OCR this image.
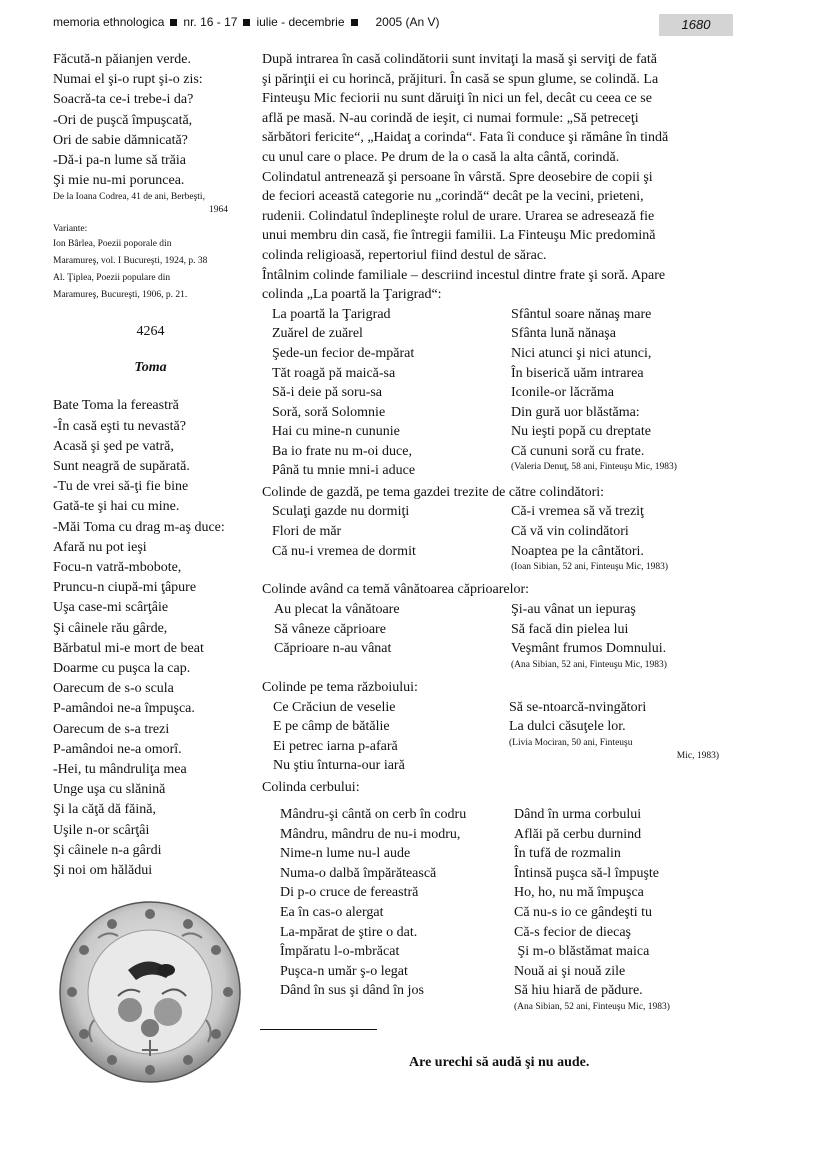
memoria ethnologica nr. 16 - 17 iulie - decembrie	2005 (An V)	1680
Făcută-n păianjen verde.
Numai el şi-o rupt şi-o zis:
Soacră-ta ce-i trebe-i da?
-Ori de puşcă împuşcată,
Ori de sabie dămnicată?
-Dă-i pa-n lume să trăia
Şi mie nu-mi poruncea.
De la Ioana Codrea, 41 de ani, Berbeşti,
1964
Variante:
Ion Bârlea, Poezii poporale din
Maramureş, vol. I Bucureşti, 1924, p. 38
Al. Ţiplea, Poezii populare din
Maramureş, Bucureşti, 1906, p. 21.
4264
Toma
Bate Toma la fereastră
-În casă eşti tu nevastă?
Acasă şi şed pe vatră,
Sunt neagră de supărată.
-Tu de vrei să-ţi fie bine
Gată-te şi hai cu mine.
-Măi Toma cu drag m-aş duce:
Afară nu pot ieşi
Focu-n vatră-mbobote,
Pruncu-n ciupă-mi ţâpure
Uşa case-mi scârţâie
Şi câinele rău gârde,
Bărbatul mi-e mort de beat
Doarme cu puşca la cap.
Oarecum de s-o scula
P-amândoi ne-a împuşca.
Oarecum de s-a trezi
P-amândoi ne-a omorî.
-Hei, tu mândruliţa mea
Unge uşa cu slănină
Şi la căţă dă făină,
Uşile n-or scârţâi
Şi câinele n-a gârdi
Şi noi om hălădui
După intrarea în casă colindătorii sunt invitaţi la masă şi serviţi de fată
şi părinţii ei cu horincă, prăjituri. În casă se spun glume, se colindă. La
Finteuşu Mic feciorii nu sunt dăruiţi în nici un fel, decât cu ceea ce se
află pe masă. N-au corindă de ieşit, ci numai formule: „Să petreceţi
sărbători fericite“, „Haidaţ a corinda“. Fata îi conduce şi rămâne în tindă
cu unul care o place. Pe drum de la o casă la alta cântă, corindă.
Colindatul antrenează şi persoane în vârstă. Spre deosebire de copii şi
de feciori această categorie nu „corindă“ decât pe la vecini, prieteni,
rudenii. Colindatul îndeplineşte rolul de urare. Urarea se adresează fie
unui membru din casă, fie întregii familii. La Finteuşu Mic predomină
colinda religioasă, repertoriul fiind destul de sărac.
Întâlnim colinde familiale – descriind incestul dintre frate şi soră. Apare
colinda „La poartă la Ţarigrad“:
La poartă la Ţarigrad
Zuărel de zuărel
Şede-un fecior de-mpărat
Tăt roagă pă maică-sa
Să-i deie pă soru-sa
Soră, soră Solomnie
Hai cu mine-n cununie
Ba io frate nu m-oi duce,
Până tu mnie mni-i aduce
Sfântul soare nănaş mare
Sfânta lună nănaşa
Nici atunci şi nici atunci,
În biserică uăm intrarea
Iconile-or lăcrăma
Din gură uor blăstăma:
Nu ieşti popă cu dreptate
Că cununi soră cu frate.
(Valeria Denuţ, 58 ani, Finteuşu Mic, 1983)
Colinde de gazdă, pe tema gazdei trezite de către colindători:
Sculaţi gazde nu dormiţi
Flori de măr
Că nu-i vremea de dormit
Că-i vremea să vă treziţ
Că vă vin colindători
Noaptea pe la cântători.
(Ioan Sibian, 52 ani, Finteuşu Mic, 1983)
Colinde având ca temă vânătoarea căprioarelor:
Au plecat la vânătoare
Să vâneze căprioare
Căprioare n-au vânat
Şi-au vânat un iepuraş
Să facă din pielea lui
Veşmânt frumos Domnului.
(Ana Sibian, 52 ani, Finteuşu Mic, 1983)
Colinde pe tema războiului:
Ce Crăciun de veselie
E pe câmp de bătălie
Ei petrec iarna p-afară
Nu ştiu înturna-our iară
Să se-ntoarcă-nvingători
La dulci căsuţele lor.
(Livia Mociran, 50 ani, Finteuşu
Mic, 1983)
Colinda cerbului:
Mândru-şi cântă on cerb în codru
Mândru, mândru de nu-i modru,
Nime-n lume nu-l aude
Numa-o dalbă împărătească
Di p-o cruce de fereastră
Ea în cas-o alergat
La-mpărat de ştire o dat.
Împăratu l-o-mbrăcat
Puşca-n umăr ş-o legat
Dând în sus şi dând în jos
Dând în urma corbului
Aflăi pă cerbu durnind
În tufă de rozmalin
Întinsă puşca să-l împuşte
Ho, ho, nu mă împuşca
Că nu-s io ce gândeşti tu
Că-s fecior de diecaş
Şi m-o blăstămat maica
Nouă ai şi nouă zile
Să hiu hiară de pădure.
(Ana Sibian, 52 ani, Finteuşu Mic, 1983)
Are urechi să audă şi nu aude.
